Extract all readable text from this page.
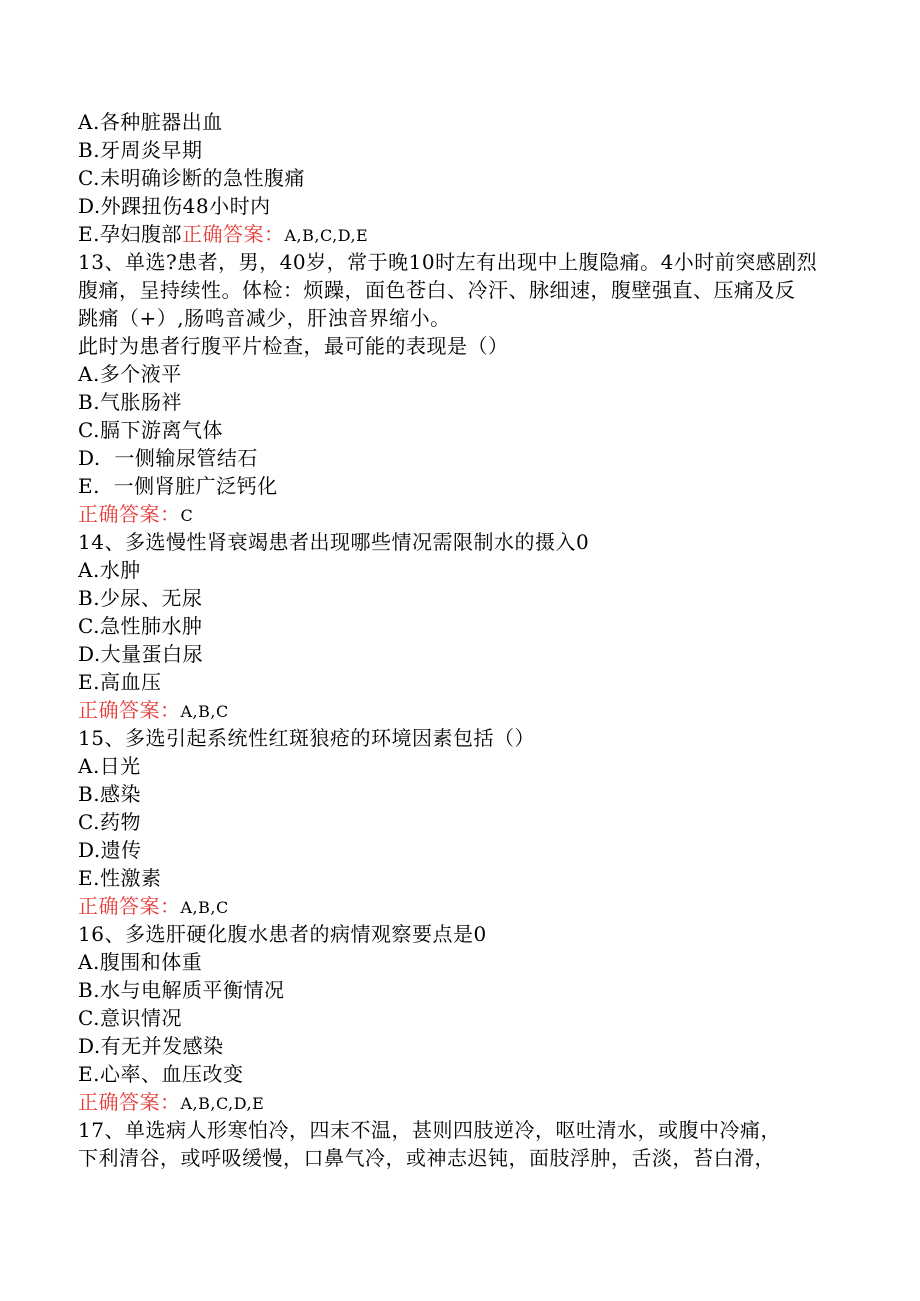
A.各种脏器出血
B.牙周炎早期
C.未明确诊断的急性腹痛
D.外踝扭伤48小时内
E.孕妇腹部正确答案：A,B,C,D,E
13、单选?患者，男，40岁，常于晚10时左有出现中上腹隐痛。4小时前突感剧烈
腹痛，呈持续性。体检：烦躁，面色苍白、冷汗、脉细速，腹壁强直、压痛及反
跳痛（+）,肠鸣音减少，肝浊音界缩小。
此时为患者行腹平片检查，最可能的表现是（）
A.多个液平
B.气胀肠袢
C.膈下游离气体
D.  一侧输尿管结石
E.  一侧肾脏广泛钙化
正确答案：C
14、多选慢性肾衰竭患者出现哪些情况需限制水的摄入0
A.水肿
B.少尿、无尿
C.急性肺水肿
D.大量蛋白尿
E.高血压
正确答案：A,B,C
15、多选引起系统性红斑狼疮的环境因素包括（）
A.日光
B.感染
C.药物
D.遗传
E.性激素
正确答案：A,B,C
16、多选肝硬化腹水患者的病情观察要点是0
A.腹围和体重
B.水与电解质平衡情况
C.意识情况
D.有无并发感染
E.心率、血压改变
正确答案：A,B,C,D,E
17、单选病人形寒怕冷，四末不温，甚则四肢逆冷，呕吐清水，或腹中冷痛，
下利清谷，或呼吸缓慢，口鼻气冷，或神志迟钝，面肢浮肿，舌淡，苔白滑，
